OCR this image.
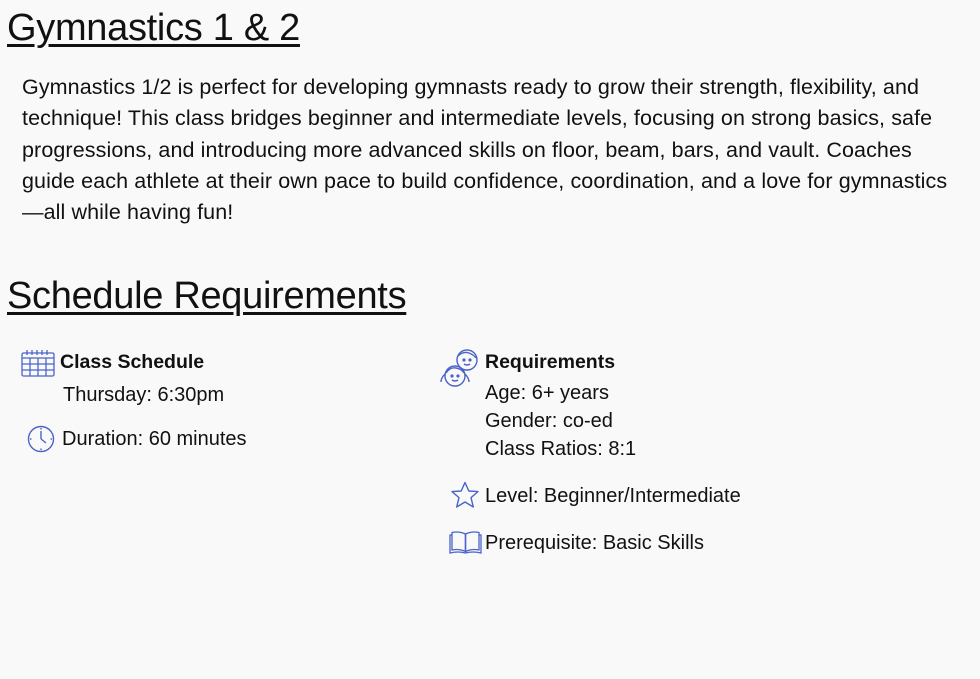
Gymnastics 1 & 2

Gymnastics 1/2 is perfect for developing gymnasts ready to grow their strength, flexibility, and technique! This class bridges beginner and intermediate levels, focusing on strong basics, safe progressions, and introducing more advanced skills on floor, beam, bars, and vault. Coaches guide each athlete at their own pace to build confidence, coordination, and a love for gymnastics—all while having fun!

Schedule Requirements
Class Schedule
Thursday: 6:30pm
Duration: 60 minutes
Requirements
Age: 6+ years
Gender: co-ed
Class Ratios: 8:1
Level: Beginner/Intermediate
Prerequisite: Basic Skills
